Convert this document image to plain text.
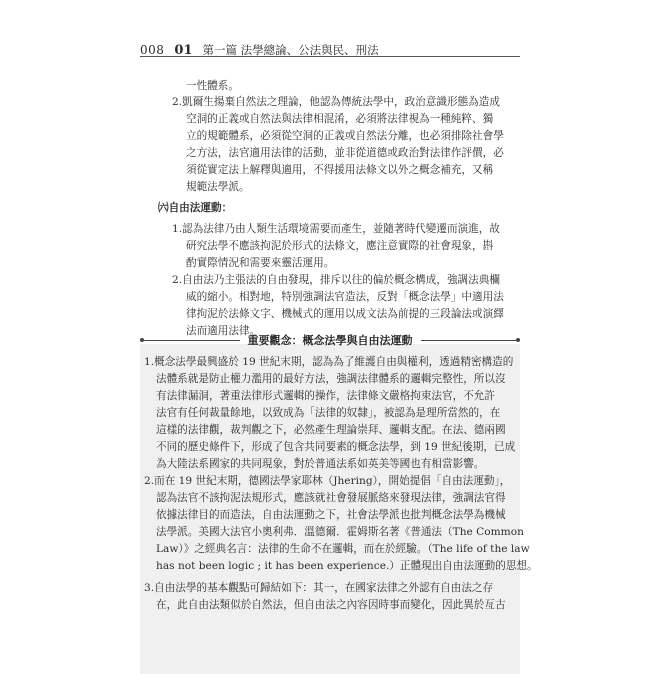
008 01 第一篇 法學總論、公法與民、刑法
一性體系。
2.凱爾生揚棄自然法之理論，他認為傳統法學中，政治意識形態為造成
空洞的正義或自然法與法律相混淆，必須將法律視為一種純粹、獨
立的規範體系，必須從空洞的正義或自然法分離，也必須排除社會學
之方法，法官適用法律的活動，並非從道德或政治對法律作評價，必
須從實定法上解釋與適用，不得援用法條文以外之概念補充，又稱
規範法學派。
㈥自由法運動：
1.認為法律乃由人類生活環境需要而產生，並隨著時代變遷而演進，故
研究法學不應該拘泥於形式的法條文，應注意實際的社會現象，斟
酌實際情況和需要來靈活運用。
2.自由法乃主張法的自由發現，排斥以往的偏於概念構成，強調法典欄
威的縮小。相對地，特別強調法官造法，反對「概念法學」中適用法
律拘泥於法條文字、機械式的運用以成文法為前提的三段論法或演繹
法而適用法律。
重要觀念：概念法學與自由法運動
1.概念法學最興盛於 19 世紀末期，認為為了維護自由與權利，透過精密構造的
法體系就是防止權力濫用的最好方法，強調法律體系的邏輯完整性，所以沒
有法律漏洞，著重法律形式邏輯的操作，法律條文嚴格拘束法官，不允許
法官有任何裁量餘地，以致成為「法律的奴隸」，被認為是理所當然的，在
這樣的法律觀，裁判觀之下，必然產生理論崇拜、邏輯支配。在法、德兩國
不同的歷史條件下，形成了包含共同要素的概念法學，到 19 世紀後期，已成
為大陸法系國家的共同現象，對於普通法系如英美等國也有相當影響。
2.而在 19 世紀末期，德國法學家耶林（Jhering），開始提倡「自由法運動」，
認為法官不該拘泥法規形式，應該就社會發展脈絡來發現法律，強調法官得
依據法律目的而造法，自由法運動之下，社會法學派也批判概念法學為機械
法學派。美國大法官小奧利弗．溫德爾．霍姆斯名著《普通法（The Common
Law）》之經典名言：法律的生命不在邏輯，而在於經驗。（The life of the law
has not been logic ; it has been experience.）正體現出自由法運動的思想。
3.自由法學的基本觀點可歸結如下：其一，在國家法律之外認有自由法之存
在，此自由法類似於自然法，但自由法之內容因時事而變化，因此異於亙古
